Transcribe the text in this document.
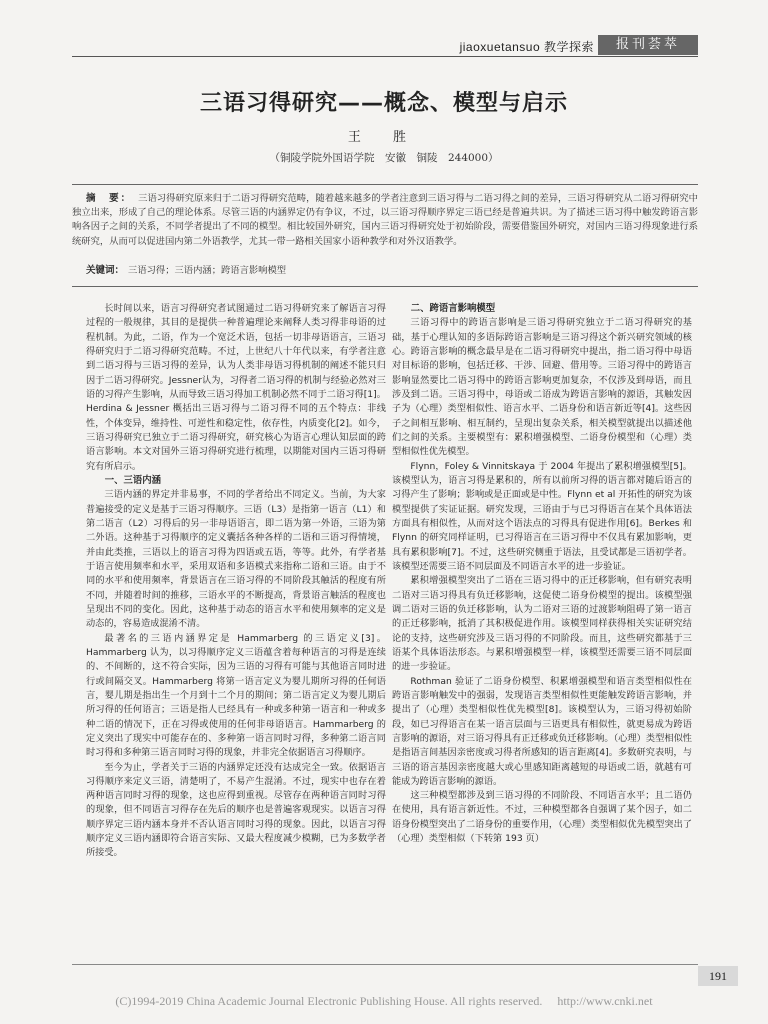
jiaoxuetansuo 教学探索	报刊荟萃
三语习得研究——概念、模型与启示
王 胜
（铜陵学院外国语学院　安徽　铜陵　244000）
摘　要： 三语习得研究原来归于二语习得研究范畴，随着越来越多的学者注意到三语习得与二语习得之间的差异，三语习得研究从二语习得研究中独立出来，形成了自己的理论体系。尽管三语的内涵界定仍有争议，不过，以三语习得顺序界定三语已经是普遍共识。为了描述三语习得中触发跨语言影响各因子之间的关系，不同学者提出了不同的模型。相比较国外研究，国内三语习得研究处于初始阶段，需要借鉴国外研究，对国内三语习得现象进行系统研究，从而可以促进国内第二外语教学，尤其一带一路相关国家小语种教学和对外汉语教学。
关键词： 三语习得；三语内涵；跨语言影响模型

长时间以来，语言习得研究者试图通过二语习得研究来了解语言习得过程的一般规律，其目的是提供一种普遍理论来阐释人类习得非母语的过程机制。为此，二语，作为一个宽泛术语，包括一切非母语语言，三语习得研究归于二语习得研究范畴。不过，上世纪八十年代以来，有学者注意到二语习得与三语习得的差异，认为人类非母语习得机制的阐述不能只归因于二语习得研究。Jessner认为，习得者二语习得的机制与经验必然对三语的习得产生影响，从而导致三语习得加工机制必然不同于二语习得[1]。Herdina & Jessner 概括出三语习得与二语习得不同的五个特点：非线性，个体变异，维持性、可逆性和稳定性，依存性，内质变化[2]。如今，三语习得研究已独立于二语习得研究，研究核心为语言心理认知层面的跨语言影响。本文对国外三语习得研究进行梳理，以期能对国内三语习得研究有所启示。

一、三语内涵

三语内涵的界定并非易事，不同的学者给出不同定义。当前，为大家普遍接受的定义是基于三语习得顺序。三语（L3）是指第一语言（L1）和第二语言（L2）习得后的另一非母语语言，即二语为第一外语，三语为第二外语。这种基于习得顺序的定义囊括各种各样的二语和三语习得情境，并由此类推，三语以上的语言习得为四语或五语，等等。此外，有学者基于语言使用频率和水平，采用双语和多语模式来指称二语和三语。由于不同的水平和使用频率，背景语言在三语习得的不同阶段其触活的程度有所不同，并随着时间的推移，三语水平的不断提高，背景语言触活的程度也呈现出不同的变化。因此，这种基于动态的语言水平和使用频率的定义是动态的，容易造成混淆不清。

最著名的三语内涵界定是 Hammarberg 的三语定义[3]。Hammarberg 认为，以习得顺序定义三语蕴含着每种语言的习得是连续的、不间断的，这不符合实际，因为三语的习得有可能与其他语言同时进行或间隔交叉。Hammarberg 将第一语言定义为婴儿期所习得的任何语言，婴儿期是指出生一个月到十二个月的期间；第二语言定义为婴儿期后所习得的任何语言；三语是指人已经具有一种或多种第一语言和一种或多种二语的情况下，正在习得或使用的任何非母语语言。Hammarberg 的定义突出了现实中可能存在的、多种第一语言同时习得，多种第二语言同时习得和多种第三语言同时习得的现象，并非完全依据语言习得顺序。

至今为止，学者关于三语的内涵界定还没有达成完全一致。依据语言习得顺序来定义三语，清楚明了，不易产生混淆。不过，现实中也存在着两种语言同时习得的现象，这也应得到重视。尽管存在两种语言同时习得的现象，但不同语言习得存在先后的顺序也是普遍客观现实。以语言习得顺序界定三语内涵本身并不否认语言同时习得的现象。因此，以语言习得顺序定义三语内涵即符合语言实际、又最大程度减少模糊，已为多数学者所接受。

二、跨语言影响模型

三语习得中的跨语言影响是三语习得研究独立于二语习得研究的基础，基于心理认知的多语际跨语言影响是三语习得这个新兴研究领域的核心。跨语言影响的概念最早是在二语习得研究中提出，指二语习得中母语对目标语的影响，包括迁移、干涉、回避、借用等。三语习得中的跨语言影响显然要比二语习得中的跨语言影响更加复杂，不仅涉及到母语，而且涉及到二语。三语习得中，母语或二语成为跨语言影响的源语，其触发因子为（心理）类型相似性、语言水平、二语身份和语言新近等[4]。这些因子之间相互影响、相互制约，呈现出复杂关系，相关模型就提出以描述他们之间的关系。主要模型有：累积增强模型、二语身份模型和（心理）类型相似性优先模型。

Flynn，Foley & Vinnitskaya 于 2004 年提出了累积增强模型[5]。该模型认为，语言习得是累积的，所有以前所习得的语言都对随后语言的习得产生了影响；影响或是正面或是中性。Flynn et al 开拓性的研究为该模型提供了实证证据。研究发现，三语由于与已习得语言在某个具体语法方面具有相似性，从而对这个语法点的习得具有促进作用[6]。Berkes 和 Flynn 的研究同样证明，已习得语言在三语习得中不仅具有累加影响，更具有累积影响[7]。不过，这些研究侧重于语法，且受试都是三语初学者。该模型还需要三语不同层面及不同语言水平的进一步验证。

累积增强模型突出了二语在三语习得中的正迁移影响，但有研究表明二语对三语习得具有负迁移影响，这促使二语身份模型的提出。该模型强调二语对三语的负迁移影响，认为二语对三语的过渡影响阻碍了第一语言的正迁移影响，抵消了其积极促进作用。该模型同样获得相关实证研究结论的支持，这些研究涉及三语习得的不同阶段。而且，这些研究都基于三语某个具体语法形态。与累积增强模型一样，该模型还需要三语不同层面的进一步验证。

Rothman 验证了二语身份模型、积累增强模型和语言类型相似性在跨语言影响触发中的强弱，发现语言类型相似性更能触发跨语言影响，并提出了（心理）类型相似性优先模型[8]。该模型认为，三语习得初始阶段，如已习得语言在某一语言层面与三语更具有相似性，就更易成为跨语言影响的源语，对三语习得具有正迁移或负迁移影响。（心理）类型相似性是指语言间基因亲密度或习得者所感知的语言距离[4]。多数研究表明，与三语的语言基因亲密度越大或心里感知距离越短的母语或二语，就越有可能成为跨语言影响的源语。

这三种模型都涉及到三语习得的不同阶段、不同语言水平；且二语仍在使用，具有语言新近性。不过，三种模型都各自强调了某个因子，如二语身份模型突出了二语身份的重要作用，（心理）类型相似优先模型突出了（心理）类型相似（下转第 193 页）

191
(C)1994-2019 China Academic Journal Electronic Publishing House. All rights reserved.　 http://www.cnki.net
